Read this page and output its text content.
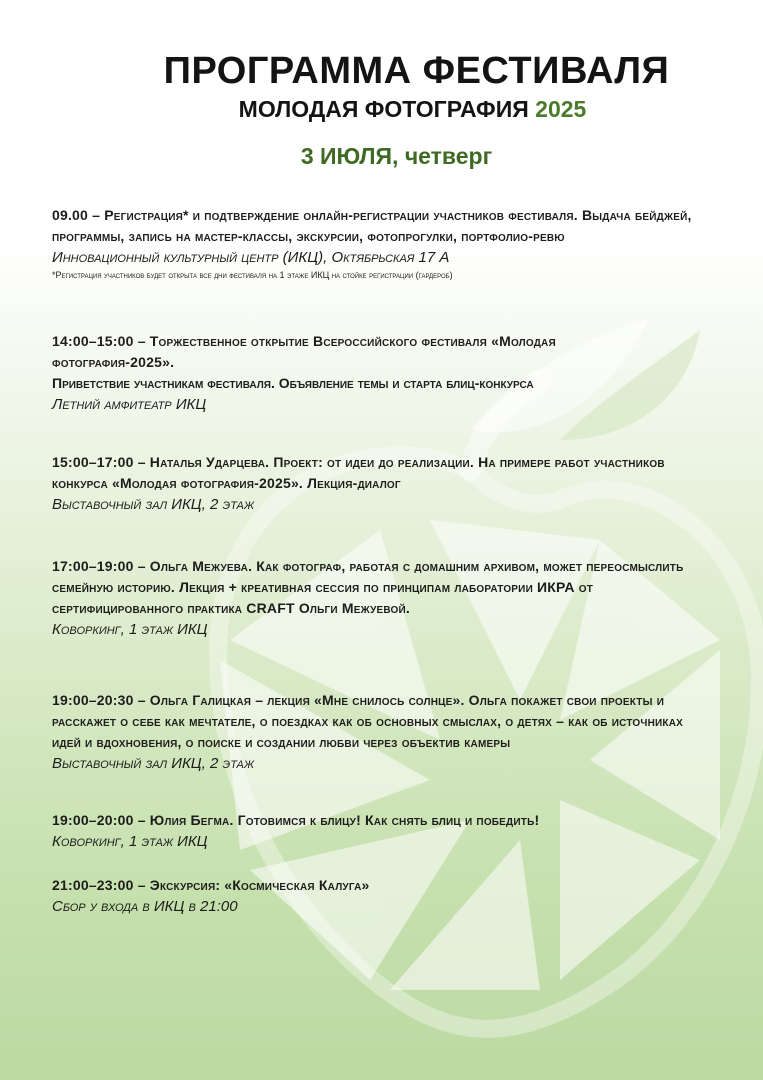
ПРОГРАММА ФЕСТИВАЛЯ
МОЛОДАЯ ФОТОГРАФИЯ 2025
3 ИЮЛЯ, четверг
09.00 – Регистрация* и подтверждение онлайн-регистрации участников фестиваля. Выдача бейджей, программы, запись на мастер-классы, экскурсии, фотопрогулки, портфолио-ревю
Инновационный культурный центр (ИКЦ), Октябрьская 17 А
*Регистрация участников будет открыта все дни фестиваля на 1 этаже ИКЦ на стойке регистрации (гардероб)
14:00–15:00 – Торжественное открытие Всероссийского фестиваля «Молодая фотография-2025».
Приветствие участникам фестиваля. Объявление темы и старта блиц-конкурса
Летний амфитеатр ИКЦ
15:00–17:00 – Наталья Ударцева. Проект: от идеи до реализации. На примере работ участников конкурса «Молодая фотография-2025». Лекция-диалог
Выставочный зал ИКЦ, 2 этаж
17:00–19:00 – Ольга Межуева. Как фотограф, работая с домашним архивом, может переосмыслить семейную историю. Лекция + креативная сессия по принципам лаборатории ИКРА от сертифицированного практика CRAFT Ольги Межуевой.
Коворкинг, 1 этаж ИКЦ
19:00–20:30 – Ольга Галицкая – лекция «Мне снилось солнце». Ольга покажет свои проекты и расскажет о себе как мечтателе, о поездках как об основных смыслах, о детях – как об источниках идей и вдохновения, о поиске и создании любви через объектив камеры
Выставочный зал ИКЦ, 2 этаж
19:00–20:00 – Юлия Бегма. Готовимся к блицу! Как снять блиц и победить!
Коворкинг, 1 этаж ИКЦ
21:00–23:00 – Экскурсия: «Космическая Калуга»
Сбор у входа в ИКЦ в 21:00
